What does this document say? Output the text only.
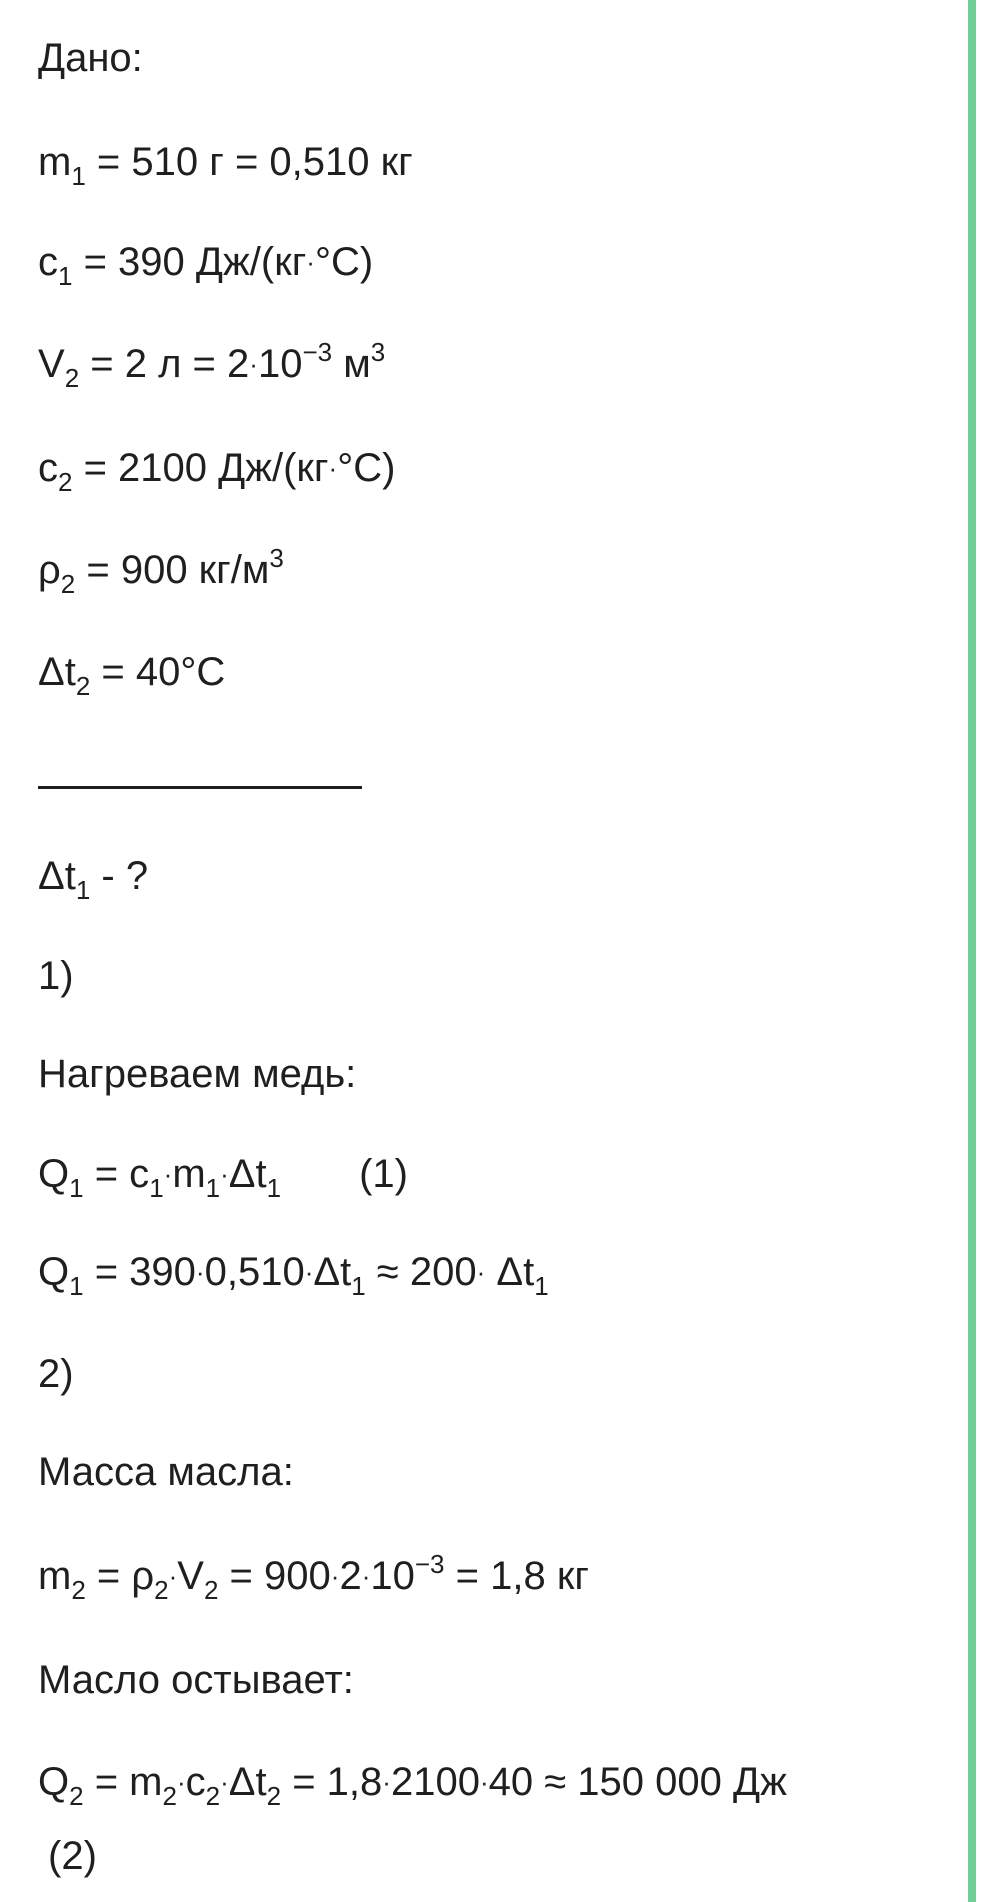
Дано:
$m_1 = 510$ г = 0,510 кг
$c_1 = 390$ Дж/(кг·°C)
$V_2 = 2$ $л = 2\cdot 10^{-3}$ $м^3$
$c_2 = 2100$ Дж/(кг·°C)
$\rho_2 = 900$ $кг/м^3$
$\Delta t_2 = 40^\circ C$
$\Delta t_1$ - ?
1)
Нагреваем медь:
$Q_1 = c_1\cdot m_1\cdot\Delta t_1$ (1)
$Q_1 = 390\cdot 0,510\cdot\Delta t_1 \approx 200\cdot \Delta t_1$
2)
Масса масла:
$m_2 = \rho_2\cdot V_2 = 900\cdot 2\cdot 10^{-3} = 1,8$ кг
Масло остывает:
$Q_2 = m_2\cdot c_2\cdot\Delta t_2 = 1,8\cdot 2100\cdot 40 \approx 150$ 000 Дж
(2)
